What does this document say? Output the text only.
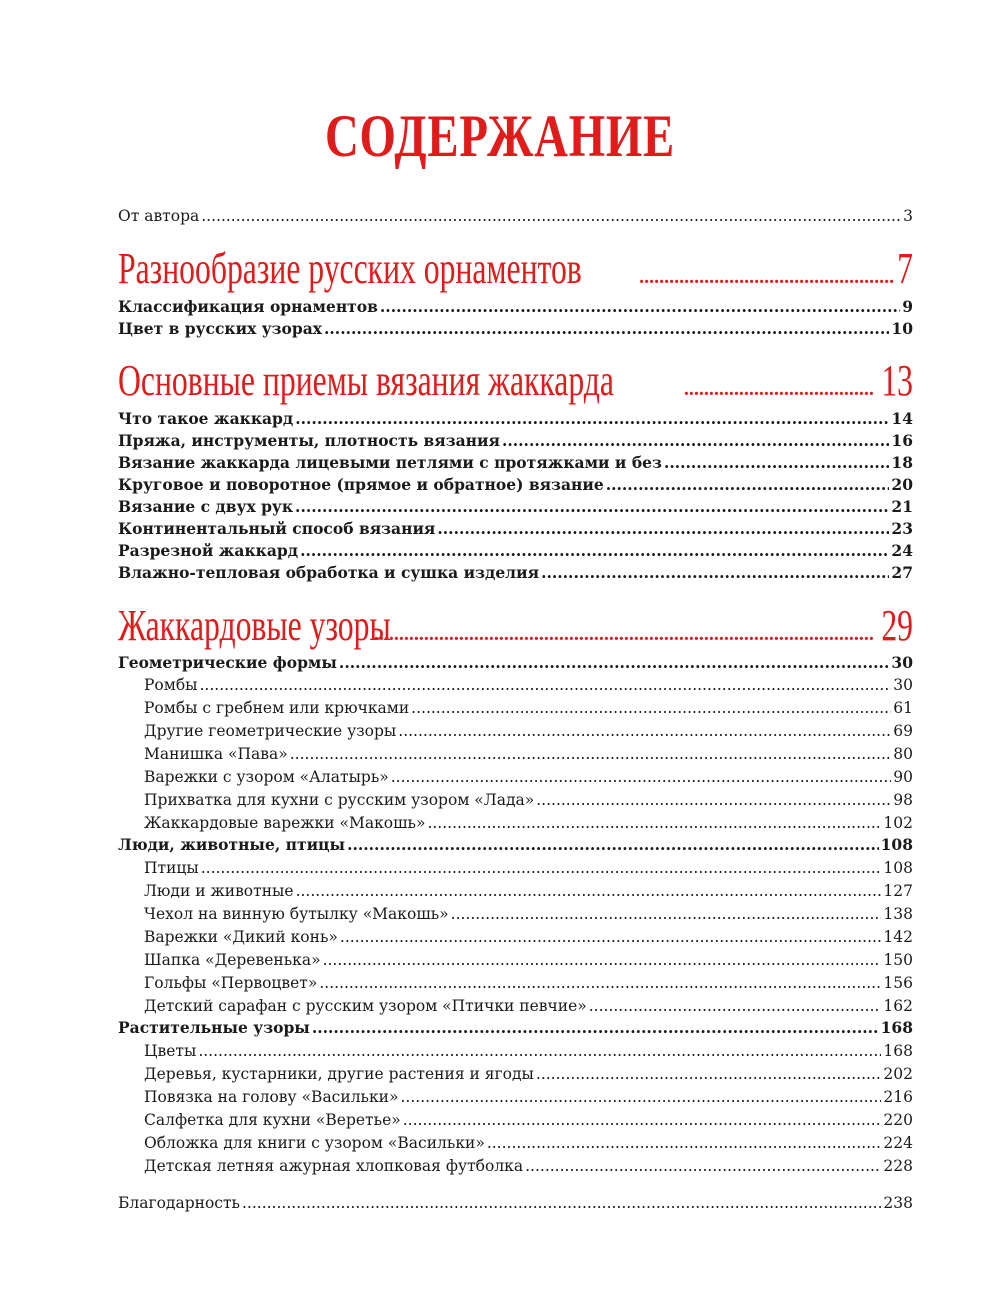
СОДЕРЖАНИЕ
От автора .....	3
Разнообразие русских орнаментов .....	7
Классификация орнаментов .....	9
Цвет в русских узорах .....	10
Основные приемы вязания жаккарда .....	13
Что такое жаккард .....	14
Пряжа, инструменты, плотность вязания .....	16
Вязание жаккарда лицевыми петлями с протяжками и без .....	18
Круговое и поворотное (прямое и обратное) вязание .....	20
Вязание с двух рук .....	21
Континентальный способ вязания .....	23
Разрезной жаккард .....	24
Влажно-тепловая обработка и сушка изделия .....	27
Жаккардовые узоры .....	29
Геометрические формы .....	30
Ромбы .....	30
Ромбы с гребнем или крючками .....	61
Другие геометрические узоры .....	69
Манишка «Пава» .....	80
Варежки с узором «Алатырь» .....	90
Прихватка для кухни с русским узором «Лада» .....	98
Жаккардовые варежки «Макошь» .....	102
Люди, животные, птицы .....	108
Птицы .....	108
Люди и животные .....	127
Чехол на винную бутылку «Макошь» .....	138
Варежки «Дикий конь» .....	142
Шапка «Деревенька» .....	150
Гольфы «Первоцвет» .....	156
Детский сарафан с русским узором «Птички певчие» .....	162
Растительные узоры .....	168
Цветы .....	168
Деревья, кустарники, другие растения и ягоды .....	202
Повязка на голову «Васильки» .....	216
Салфетка для кухни «Веретье» .....	220
Обложка для книги с узором «Васильки» .....	224
Детская летняя ажурная хлопковая футболка .....	228
Благодарность .....	238
